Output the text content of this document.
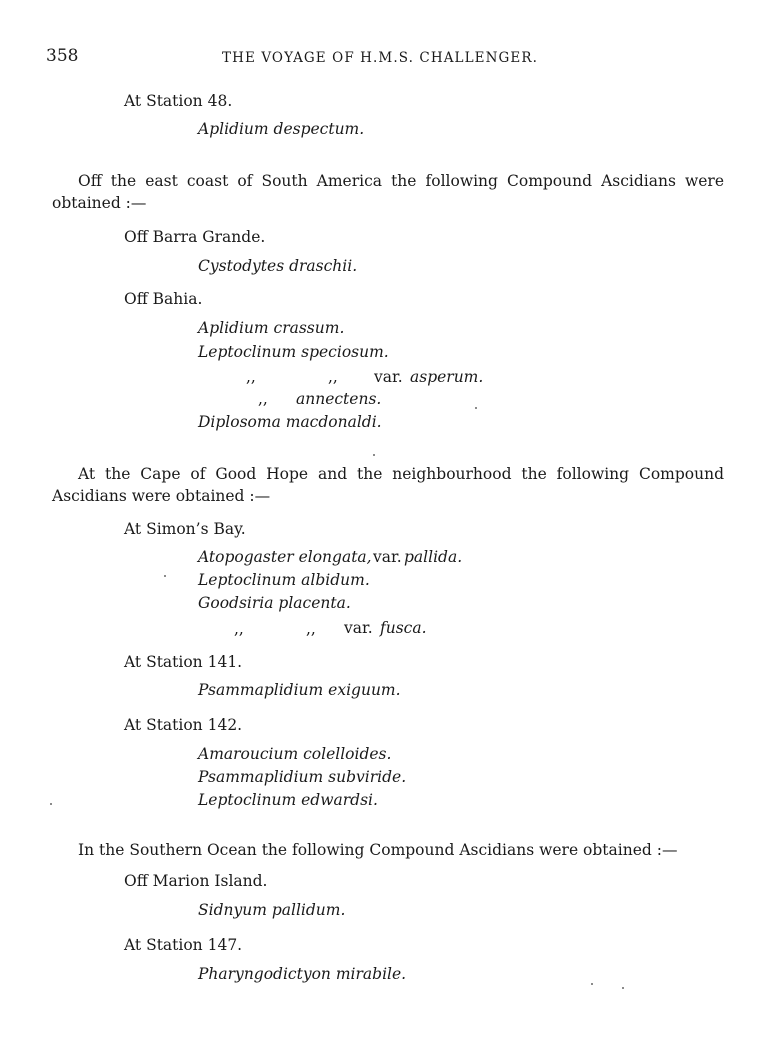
358	THE VOYAGE OF H.M.S. CHALLENGER.
At Station 48.
Aplidium despectum.
Off the east coast of South America the following Compound Ascidians were obtained :—
Off Barra Grande.
Cystodytes draschii.
Off Bahia.
Aplidium crassum.
Leptoclinum speciosum.
,,	,, var. asperum.
,, annectens.
Diplosoma macdonaldi.
At the Cape of Good Hope and the neighbourhood the following Compound Ascidians were obtained :—
At Simon’s Bay.
Atopogaster elongata, var. pallida.
Leptoclinum albidum.
Goodsiria placenta.
,,	,, var. fusca.
At Station 141.
Psammaplidium exiguum.
At Station 142.
Amaroucium colelloides.
Psammaplidium subviride.
Leptoclinum edwardsi.
In the Southern Ocean the following Compound Ascidians were obtained :—
Off Marion Island.
Sidnyum pallidum.
At Station 147.
Pharyngodictyon mirabile.
